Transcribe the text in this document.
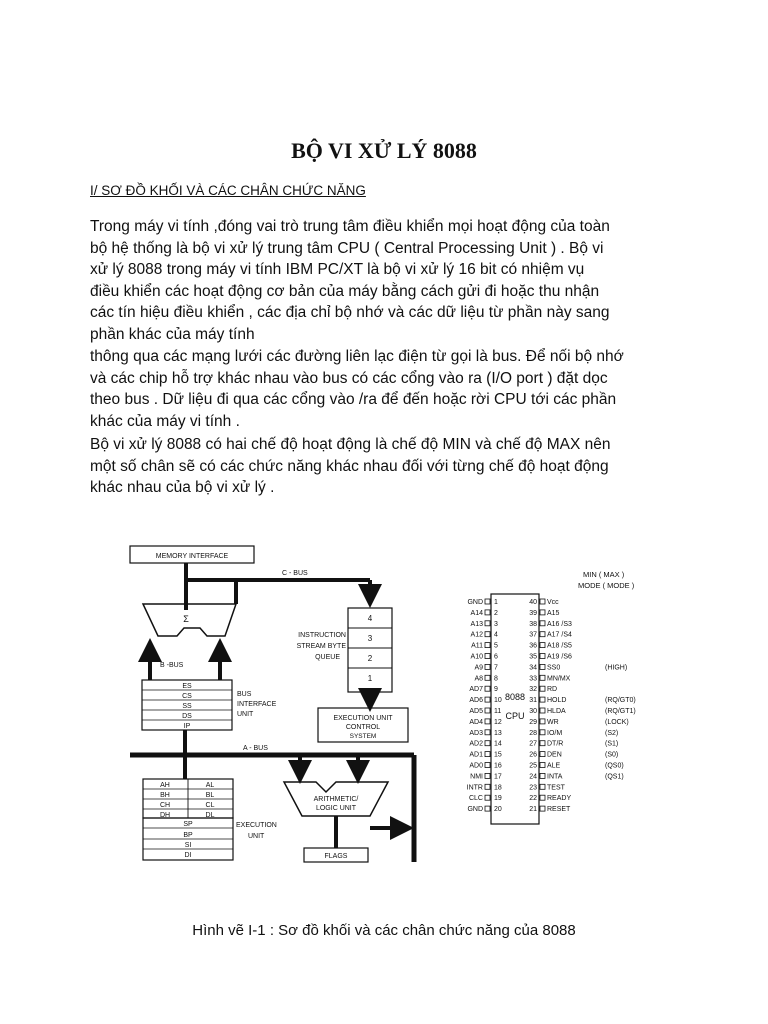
BỘ VI XỬ LÝ 8088
I/ SƠ ĐỒ KHỐI VÀ CÁC CHÂN CHỨC NĂNG
Trong máy vi tính ,đóng vai trò trung tâm điều khiển mọi hoạt động của toàn
bộ hệ thống là bộ vi xử lý trung tâm CPU ( Central Processing Unit ) . Bộ vi
xử lý 8088 trong máy vi tính IBM PC/XT là bộ vi xử lý 16 bit có nhiệm vụ
điều khiển các hoạt động cơ bản của máy bằng cách gửi đi hoặc thu nhận
các tín hiệu điều khiển , các địa chỉ bộ nhớ và các dữ liệu từ phần này sang
phần khác của máy tính
thông qua các mạng lưới các đường liên lạc điện từ gọi là bus. Để nối bộ nhớ
và các chip hỗ trợ khác nhau vào bus có các cổng vào ra (I/O port ) đặt dọc
theo bus . Dữ liệu đi qua các cổng vào /ra để đến hoặc rời CPU tới các phần
khác của máy vi tính .
Bộ vi xử lý 8088 có hai chế độ hoạt động là chế độ MIN và chế độ MAX nên
một số chân sẽ có các chức năng khác nhau đối với từng chế độ hoạt động
khác nhau của bộ vi xử lý .
MEMORY INTERFACE
C - BUS
Σ
B -BUS
A - BUS
INSTRUCTION
STREAM BYTE
QUEUE
4
3
2
1
ES
CS
SS
DS
IP
BUS
INTERFACE
UNIT
EXECUTION UNIT
CONTROL
SYSTEM
AH	AL
BH	BL
CH	CL
DH	DL
SP
BP
SI
DI
EXECUTION
UNIT
ARITHMETIC/
LOGIC UNIT
FLAGS
MIN ( MAX )
MODE ( MODE )
8088
CPU
GND 1
A14 2
A13 3
A12 4
A11 5
A10 6
A9 7
A8 8
AD7 9
AD6 10
AD5 11
AD4 12
AD3 13
AD2 14
AD1 15
AD0 16
NMI 17
INTR 18
CLC 19
GND 20
40 Vcc
39 A15
38 A16 /S3
37 A17 /S4
36 A18 /S5
35 A19 /S6
34 SS0	(HIGH)
33 MN/MX
32 RD
31 HOLD	(RQ/GT0)
30 HLDA	(RQ/GT1)
29 WR	(LOCK)
28 IO/M	(S2)
27 DT/R	(S1)
26 DEN	(S0)
25 ALE	(QS0)
24 INTA	(QS1)
23 TEST
22 READY
21 RESET
Hình vẽ I-1 : Sơ đồ khối và các chân chức năng của 8088
